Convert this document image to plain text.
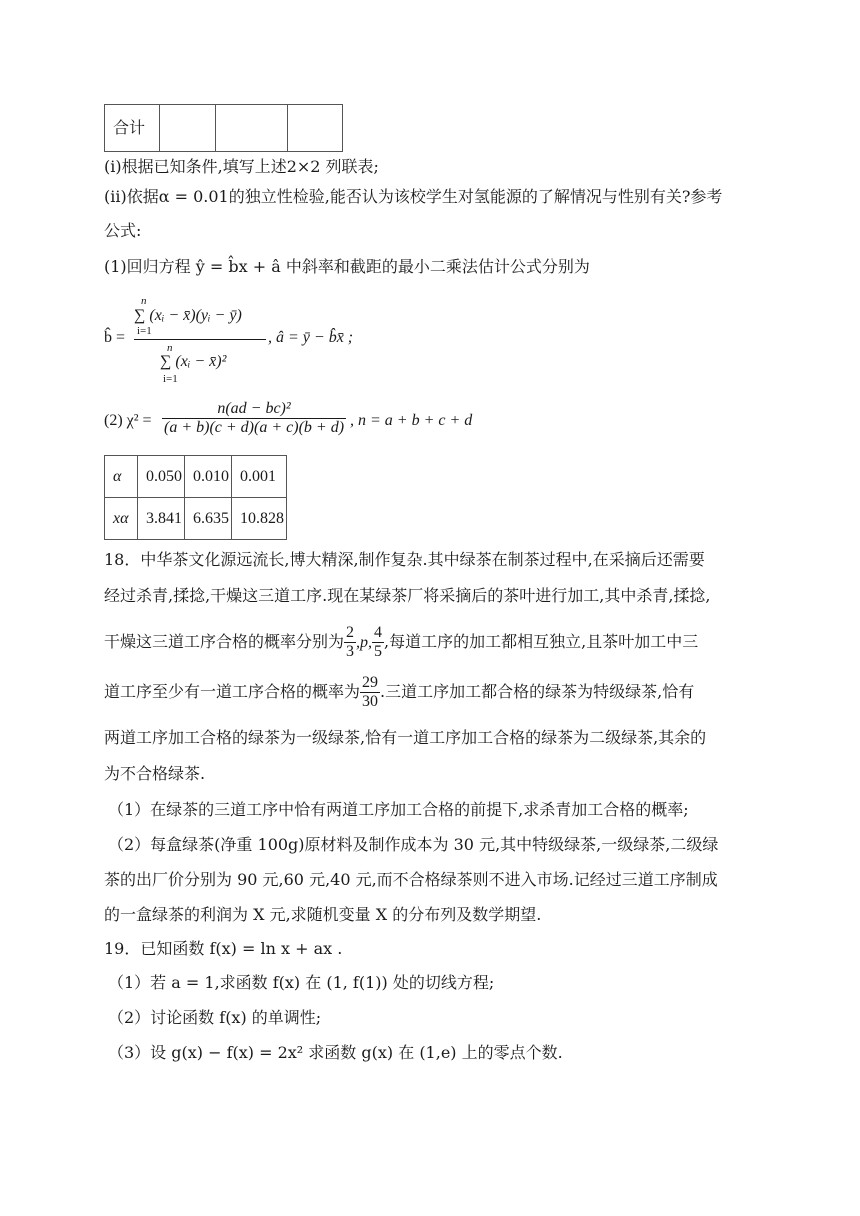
合计			
(i)根据已知条件,填写上述2×2 列联表;
(ii)依据α = 0.01的独立性检验,能否认为该校学生对氢能源的了解情况与性别有关?参考
公式:
(1)回归方程 ŷ = b̂x + â 中斜率和截距的最小二乘法估计公式分别为
b̂ =
n
i=1
∑ (xᵢ − x̄)(yᵢ − ȳ)
n
i=1
∑ (xᵢ − x̄)²
, â = ȳ − b̂x̄ ;
(2) $\chi^2 = \frac{\text{n(ad − bc)²}}{(a + b)(c + d)(a + c)(b + d)}$ , n = a + b + c + d
α	0.050	0.010	0.001
xα	3.841	6.635	10.828
18．中华茶文化源远流长,博大精深,制作复杂.其中绿茶在制茶过程中,在采摘后还需要
经过杀青,揉捻,干燥这三道工序.现在某绿茶厂将采摘后的茶叶进行加工,其中杀青,揉捻,
干燥这三道工序合格的概率分别为 $\frac{2}{3} ,p$, $\frac{4}{5}$ ,每道工序的加工都相互独立,且茶叶加工中三
道工序至少有一道工序合格的概率为 $\frac{29}{30}$ .三道工序加工都合格的绿茶为特级绿茶,恰有
两道工序加工合格的绿茶为一级绿茶,恰有一道工序加工合格的绿茶为二级绿茶,其余的
为不合格绿茶.
（1）在绿茶的三道工序中恰有两道工序加工合格的前提下,求杀青加工合格的概率;
（2）每盒绿茶(净重 100g)原材料及制作成本为 30 元,其中特级绿茶,一级绿茶,二级绿
茶的出厂价分别为 90 元,60 元,40 元,而不合格绿茶则不进入市场.记经过三道工序制成
的一盒绿茶的利润为 X 元,求随机变量 X 的分布列及数学期望.
19．已知函数 f(x) = ln x + ax .
（1）若 a = 1,求函数 f(x) 在 (1, f(1)) 处的切线方程;
（2）讨论函数 f(x) 的单调性;
（3）设 g(x) − f(x) = 2x² 求函数 g(x) 在 (1,e) 上的零点个数.
